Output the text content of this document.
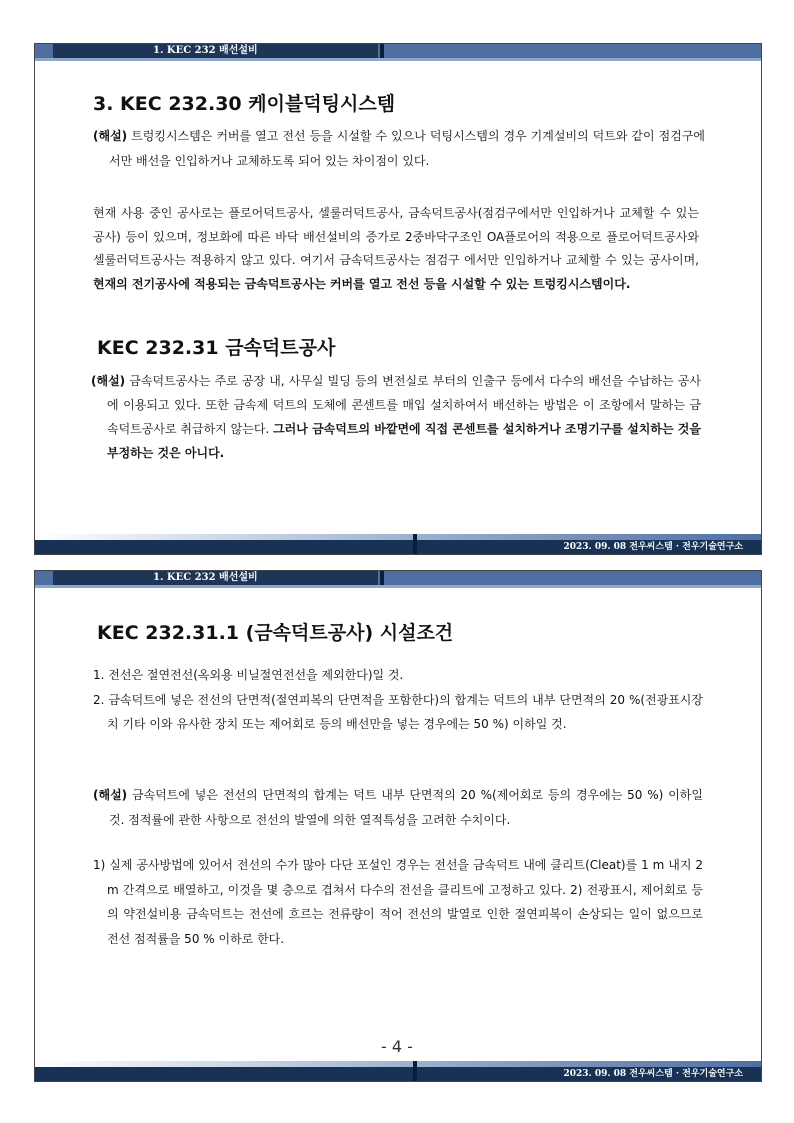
1. KEC 232 배선설비
3. KEC 232.30 케이블덕팅시스템

(해설) 트렁킹시스템은 커버를 열고 전선 등을 시설할 수 있으나 덕팅시스템의 경우 기계설비의 덕트와 같이 점검구에서만 배선을 인입하거나 교체하도록 되어 있는 차이점이 있다.

현재 사용 중인 공사로는 플로어덕트공사, 셀룰러덕트공사, 금속덕트공사(점검구에서만 인입하거나 교체할 수 있는 공사) 등이 있으며, 정보화에 따른 바닥 배선설비의 증가로 2중바닥구조인 OA플로어의 적용으로 플로어덕트공사와 셀룰러덕트공사는 적용하지 않고 있다. 여기서 금속덕트공사는 점검구 에서만 인입하거나 교체할 수 있는 공사이며, 현재의 전기공사에 적용되는 금속덕트공사는 커버를 열고 전선 등을 시설할 수 있는 트렁킹시스템이다.

KEC 232.31 금속덕트공사

(해설) 금속덕트공사는 주로 공장 내, 사무실 빌딩 등의 변전실로 부터의 인출구 등에서 다수의 배선을 수납하는 공사에 이용되고 있다. 또한 금속제 덕트의 도체에 콘센트를 매입 설치하여서 배선하는 방법은 이 조항에서 말하는 금속덕트공사로 취급하지 않는다. 그러나 금속덕트의 바깥면에 직접 콘센트를 설치하거나 조명기구를 설치하는 것을 부정하는 것은 아니다.

2023. 09. 08 전우씨스템 · 전우기술연구소
1. KEC 232 배선설비
KEC 232.31.1 (금속덕트공사) 시설조건

1. 전선은 절연전선(옥외용 비닐절연전선을 제외한다)일 것.

2. 금속덕트에 넣은 전선의 단면적(절연피복의 단면적을 포함한다)의 합계는 덕트의 내부 단면적의 20 %(전광표시장치 기타 이와 유사한 장치 또는 제어회로 등의 배선만을 넣는 경우에는 50 %) 이하일 것.

(해설) 금속덕트에 넣은 전선의 단면적의 합계는 덕트 내부 단면적의 20 %(제어회로 등의 경우에는 50 %) 이하일 것. 점적률에 관한 사항으로 전선의 발열에 의한 열적특성을 고려한 수치이다.

1) 실제 공사방법에 있어서 전선의 수가 많아 다단 포설인 경우는 전선을 금속덕트 내에 클리트(Cleat)를 1 m 내지 2 m 간격으로 배열하고, 이것을 몇 층으로 겹쳐서 다수의 전선을 클리트에 고정하고 있다. 2) 전광표시, 제어회로 등의 약전설비용 금속덕트는 전선에 흐르는 전류량이 적어 전선의 발열로 인한 절연피복이 손상되는 일이 없으므로 전선 점적률을 50 % 이하로 한다.

2023. 09. 08 전우씨스템 · 전우기술연구소
- 4 -
